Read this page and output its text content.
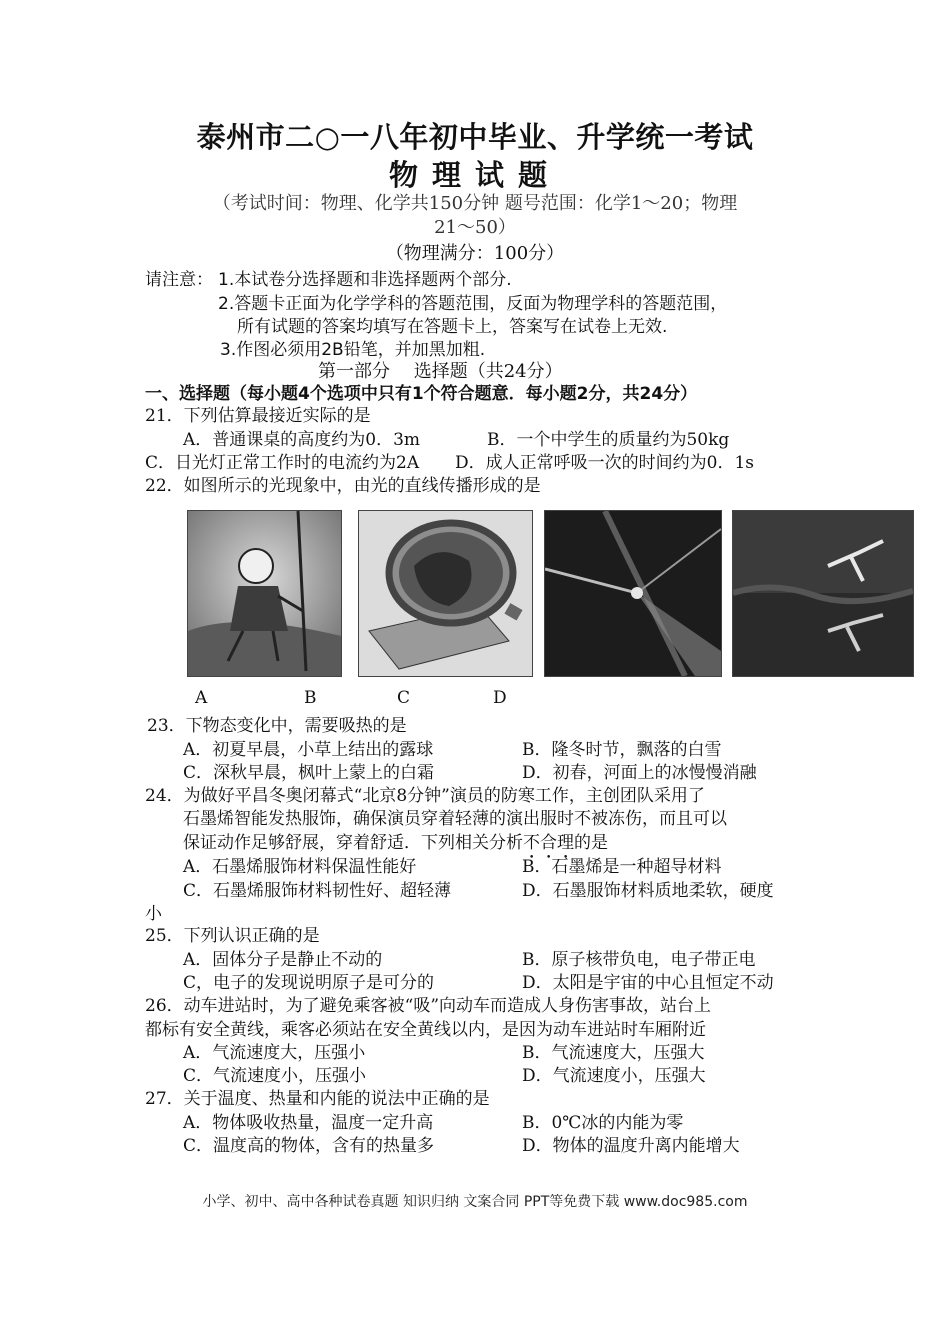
泰州市二○一八年初中毕业、升学统一考试
物理试题
（考试时间：物理、化学共150分钟 题号范围：化学1～20；物理
21～50）
（物理满分：100分）
请注意： 1.本试卷分选择题和非选择题两个部分.
2.答题卡正面为化学学科的答题范围，反面为物理学科的答题范围，
所有试题的答案均填写在答题卡上，答案写在试卷上无效.
3.作图必须用2B铅笔，并加黑加粗.
第一部分　 选择题（共24分）
一、选择题（每小题4个选项中只有1个符合题意．每小题2分，共24分）
21．下列估算最接近实际的是
A．普通课桌的高度约为0．3m	B．一个中学生的质量约为50kg
C．日光灯正常工作时的电流约为2A D．成人正常呼吸一次的时间约为0．1s
22．如图所示的光现象中，由光的直线传播形成的是
A	B	C	D
23．下物态变化中，需要吸热的是
A．初夏早晨，小草上结出的露球	B．隆冬时节，飘落的白雪
C．深秋早晨，枫叶上蒙上的白霜	D．初春，河面上的冰慢慢消融
24．为做好平昌冬奥闭幕式“北京8分钟”演员的防寒工作，主创团队采用了
石墨烯智能发热服饰，确保演员穿着轻薄的演出服时不被冻伤，而且可以
保证动作足够舒展，穿着舒适．下列相关分析不合理的是
A．石墨烯服饰材料保温性能好	B．石墨烯是一种超导材料
C．石墨烯服饰材料韧性好、超轻薄	D．石墨服饰材料质地柔软，硬度
小
25．下列认识正确的是
A．固体分子是静止不动的	B．原子核带负电，电子带正电
C，电子的发现说明原子是可分的	D．太阳是宇宙的中心且恒定不动
26．动车进站时，为了避免乘客被“吸”向动车而造成人身伤害事故，站台上
都标有安全黄线，乘客必须站在安全黄线以内，是因为动车进站时车厢附近
A．气流速度大，压强小	B．气流速度大，压强大
C．气流速度小，压强小	D．气流速度小，压强大
27．关于温度、热量和内能的说法中正确的是
A．物体吸收热量，温度一定升高	B．0℃冰的内能为零
C．温度高的物体，含有的热量多	D．物体的温度升离内能增大
小学、初中、高中各种试卷真题 知识归纳 文案合同 PPT等免费下载 www.doc985.com
